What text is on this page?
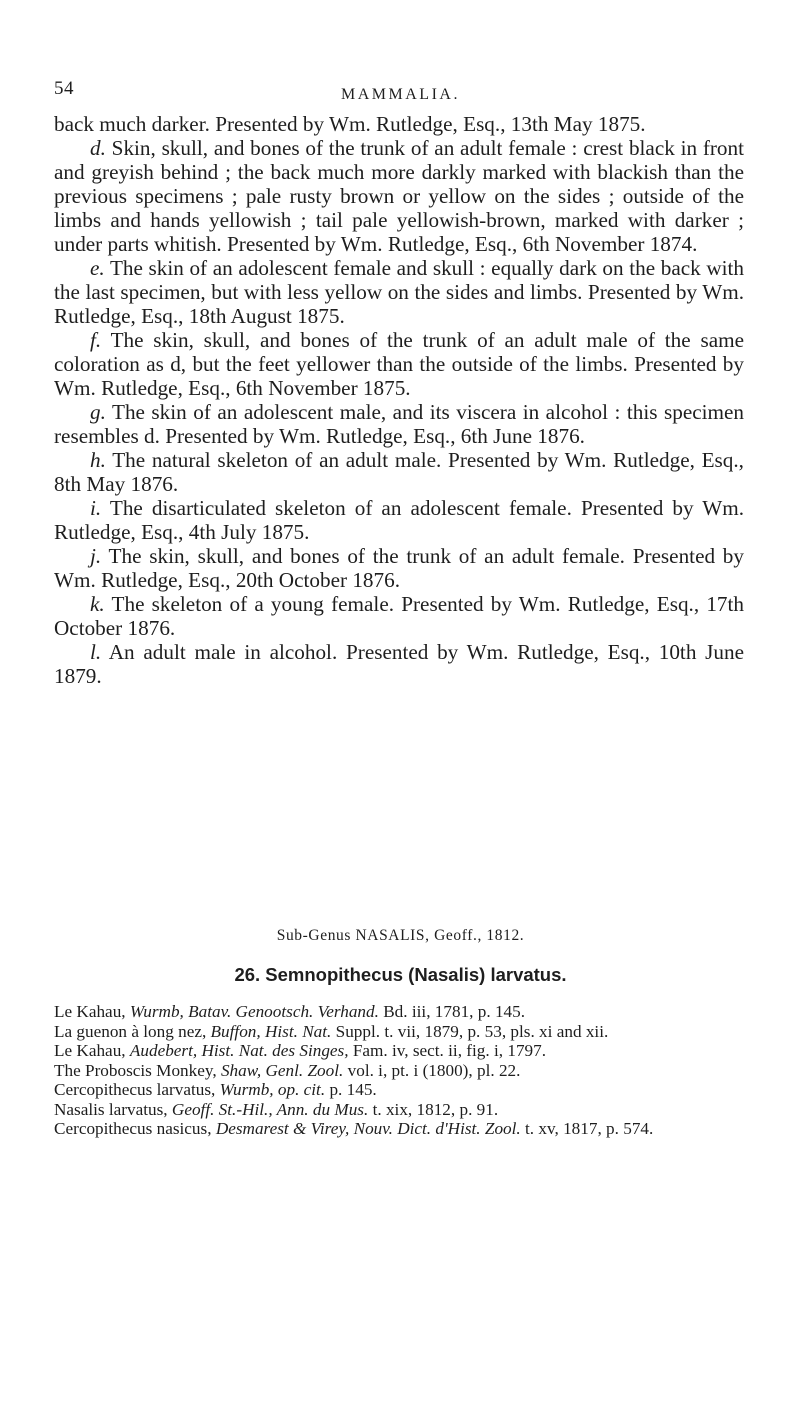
54	MAMMALIA.

back much darker. Presented by Wm. Rutledge, Esq., 13th May 1875.

d. Skin, skull, and bones of the trunk of an adult female : crest black in front and greyish behind ; the back much more darkly marked with blackish than the previous specimens ; pale rusty brown or yellow on the sides ; outside of the limbs and hands yellowish ; tail pale yellowish-brown, marked with darker ; under parts whitish. Presented by Wm. Rutledge, Esq., 6th November 1874.

e. The skin of an adolescent female and skull : equally dark on the back with the last specimen, but with less yellow on the sides and limbs. Presented by Wm. Rutledge, Esq., 18th August 1875.

f. The skin, skull, and bones of the trunk of an adult male of the same coloration as d, but the feet yellower than the outside of the limbs. Presented by Wm. Rutledge, Esq., 6th November 1875.

g. The skin of an adolescent male, and its viscera in alcohol : this specimen resembles d. Presented by Wm. Rutledge, Esq., 6th June 1876.

h. The natural skeleton of an adult male. Presented by Wm. Rutledge, Esq., 8th May 1876.

i. The disarticulated skeleton of an adolescent female. Presented by Wm. Rutledge, Esq., 4th July 1875.

j. The skin, skull, and bones of the trunk of an adult female. Presented by Wm. Rutledge, Esq., 20th October 1876.

k. The skeleton of a young female. Presented by Wm. Rutledge, Esq., 17th October 1876.

l. An adult male in alcohol. Presented by Wm. Rutledge, Esq., 10th June 1879.

Sub-Genus NASALIS, Geoff., 1812.
26. Semnopithecus (Nasalis) larvatus.

Le Kahau, Wurmb, Batav. Genootsch. Verhand. Bd. iii, 1781, p. 145.

La guenon à long nez, Buffon, Hist. Nat. Suppl. t. vii, 1879, p. 53, pls. xi and xii.

Le Kahau, Audebert, Hist. Nat. des Singes, Fam. iv, sect. ii, fig. i, 1797.

The Proboscis Monkey, Shaw, Genl. Zool. vol. i, pt. i (1800), pl. 22.

Cercopithecus larvatus, Wurmb, op. cit. p. 145.

Nasalis larvatus, Geoff. St.-Hil., Ann. du Mus. t. xix, 1812, p. 91.

Cercopithecus nasicus, Desmarest & Virey, Nouv. Dict. d'Hist. Zool. t. xv, 1817, p. 574.
